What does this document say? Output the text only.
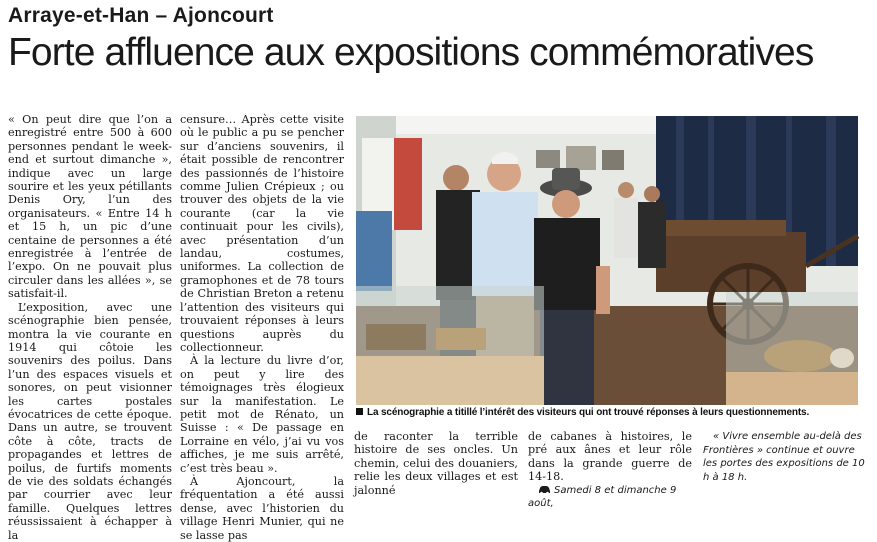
Arraye-et-Han – Ajoncourt
Forte affluence aux expositions commémoratives

« On peut dire que l’on a enregistré entre 500 à 600 personnes pendant le week-end et surtout dimanche », indique avec un large sourire et les yeux pétillants Denis Ory, l’un des organisateurs. « Entre 14 h et 15 h, un pic d’une centaine de personnes a été enregistrée à l’entrée de l’expo. On ne pouvait plus circuler dans les allées », se satisfait-il.

L’exposition, avec une scénographie bien pensée, montra la vie courante en 1914 qui côtoie les souvenirs des poilus. Dans l’un des espaces visuels et sonores, on peut visionner les cartes postales évocatrices de cette époque. Dans un autre, se trouvent côte à côte, tracts de propagandes et lettres de poilus, de furtifs moments de vie des soldats échangés par courrier avec leur famille. Quelques lettres réussissaient à échapper à la

censure… Après cette visite où le public a pu se pencher sur d’anciens souvenirs, il était possible de rencontrer des passionnés de l’histoire comme Julien Crépieux ; ou trouver des objets de la vie courante (car la vie continuait pour les civils), avec présentation d’un landau, costumes, uniformes. La collection de gramophones et de 78 tours de Christian Breton a retenu l’attention des visiteurs qui trouvaient réponses à leurs questions auprès du collectionneur.

À la lecture du livre d’or, on peut y lire des témoignages très élogieux sur la manifestation. Le petit mot de Rénato, un Suisse : « De passage en Lorraine en vélo, j’ai vu vos affiches, je me suis arrêté, c’est très beau ».

À Ajoncourt, la fréquentation a été aussi dense, avec l’historien du village Henri Munier, qui ne se lasse pas

La scénographie a titillé l’intérêt des visiteurs qui ont trouvé réponses à leurs questionnements.

de raconter la terrible histoire de ses oncles. Un chemin, celui des douaniers, relie les deux villages et est jalonné

de cabanes à histoires, le pré aux ânes et leur rôle dans la grande guerre de 14-18.

Samedi 8 et dimanche 9 août,

« Vivre ensemble au-delà des Frontières » continue et ouvre les portes des expositions de 10 h à 18 h.
